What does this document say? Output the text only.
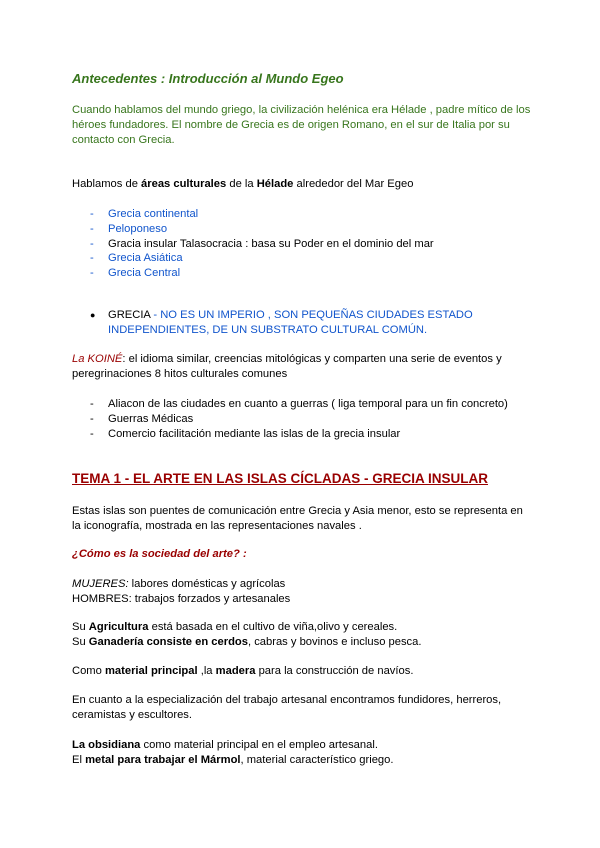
Antecedentes : Introducción al Mundo Egeo
Cuando hablamos del mundo griego, la civilización helénica era Hélade , padre mítico de los
héroes fundadores. El nombre de Grecia es de origen Romano, en el sur de Italia por su
contacto con Grecia.
Hablamos de áreas culturales de la Hélade alrededor del Mar Egeo
- Grecia continental
- Peloponeso
- Gracia insular Talasocracia : basa su Poder en el dominio del mar
- Grecia Asiática
- Grecia Central
● GRECIA - NO ES UN IMPERIO , SON PEQUEÑAS CIUDADES ESTADO
INDEPENDIENTES, DE UN SUBSTRATO CULTURAL COMÚN.
La KOINÉ: el idioma similar, creencias mitológicas y comparten una serie de eventos y
peregrinaciones 8 hitos culturales comunes
- Aliacon de las ciudades en cuanto a guerras ( liga temporal para un fin concreto)
- Guerras Médicas
- Comercio facilitación mediante las islas de la grecia insular
TEMA 1 - EL ARTE EN LAS ISLAS CÍCLADAS - GRECIA INSULAR
Estas islas son puentes de comunicación entre Grecia y Asia menor, esto se representa en
la iconografía, mostrada en las representaciones navales .
¿Cómo es la sociedad del arte? :
MUJERES: labores domésticas y agrícolas
HOMBRES: trabajos forzados y artesanales
Su Agricultura está basada en el cultivo de viña,olivo y cereales.
Su Ganadería consiste en cerdos, cabras y bovinos e incluso pesca.
Como material principal ,la madera para la construcción de navíos.
En cuanto a la especialización del trabajo artesanal encontramos fundidores, herreros,
ceramistas y escultores.
La obsidiana como material principal en el empleo artesanal.
El metal para trabajar el Mármol, material característico griego.
